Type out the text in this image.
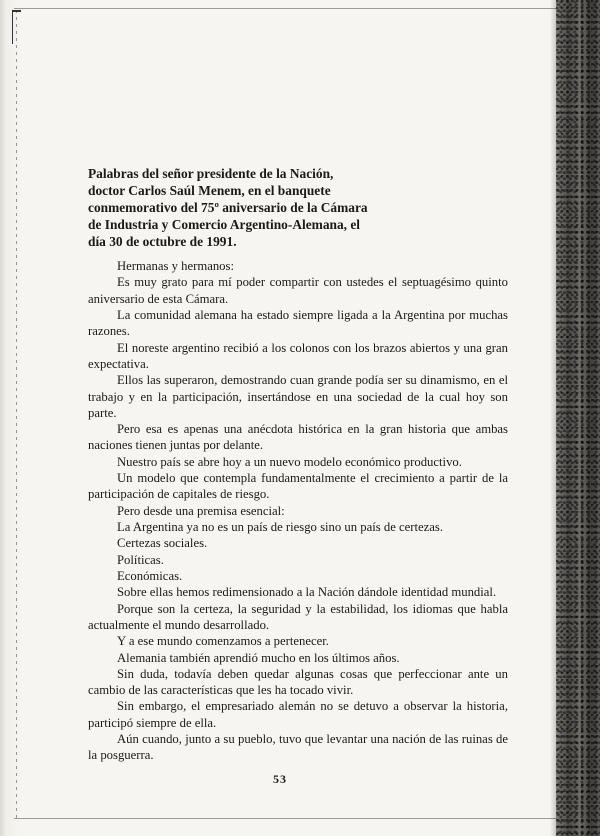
Palabras del señor presidente de la Nación,
doctor Carlos Saúl Menem, en el banquete
conmemorativo del 75º aniversario de la Cámara
de Industria y Comercio Argentino-Alemana, el
día 30 de octubre de 1991.

Hermanas y hermanos:

Es muy grato para mí poder compartir con ustedes el septuagésimo quinto aniversario de esta Cámara.

La comunidad alemana ha estado siempre ligada a la Argentina por muchas razones.

El noreste argentino recibió a los colonos con los brazos abiertos y una gran expectativa.

Ellos las superaron, demostrando cuan grande podía ser su dinamismo, en el trabajo y en la participación, insertándose en una sociedad de la cual hoy son parte.

Pero esa es apenas una anécdota histórica en la gran historia que ambas naciones tienen juntas por delante.

Nuestro país se abre hoy a un nuevo modelo económico productivo.

Un modelo que contempla fundamentalmente el crecimiento a partir de la participación de capitales de riesgo.

Pero desde una premisa esencial:

La Argentina ya no es un país de riesgo sino un país de certezas.

Certezas sociales.

Políticas.

Económicas.

Sobre ellas hemos redimensionado a la Nación dándole identidad mundial.

Porque son la certeza, la seguridad y la estabilidad, los idiomas que habla actualmente el mundo desarrollado.

Y a ese mundo comenzamos a pertenecer.

Alemania también aprendió mucho en los últimos años.

Sin duda, todavía deben quedar algunas cosas que perfeccionar ante un cambio de las características que les ha tocado vivir.

Sin embargo, el empresariado alemán no se detuvo a observar la historia, participó siempre de ella.

Aún cuando, junto a su pueblo, tuvo que levantar una nación de las ruinas de la posguerra.

53
